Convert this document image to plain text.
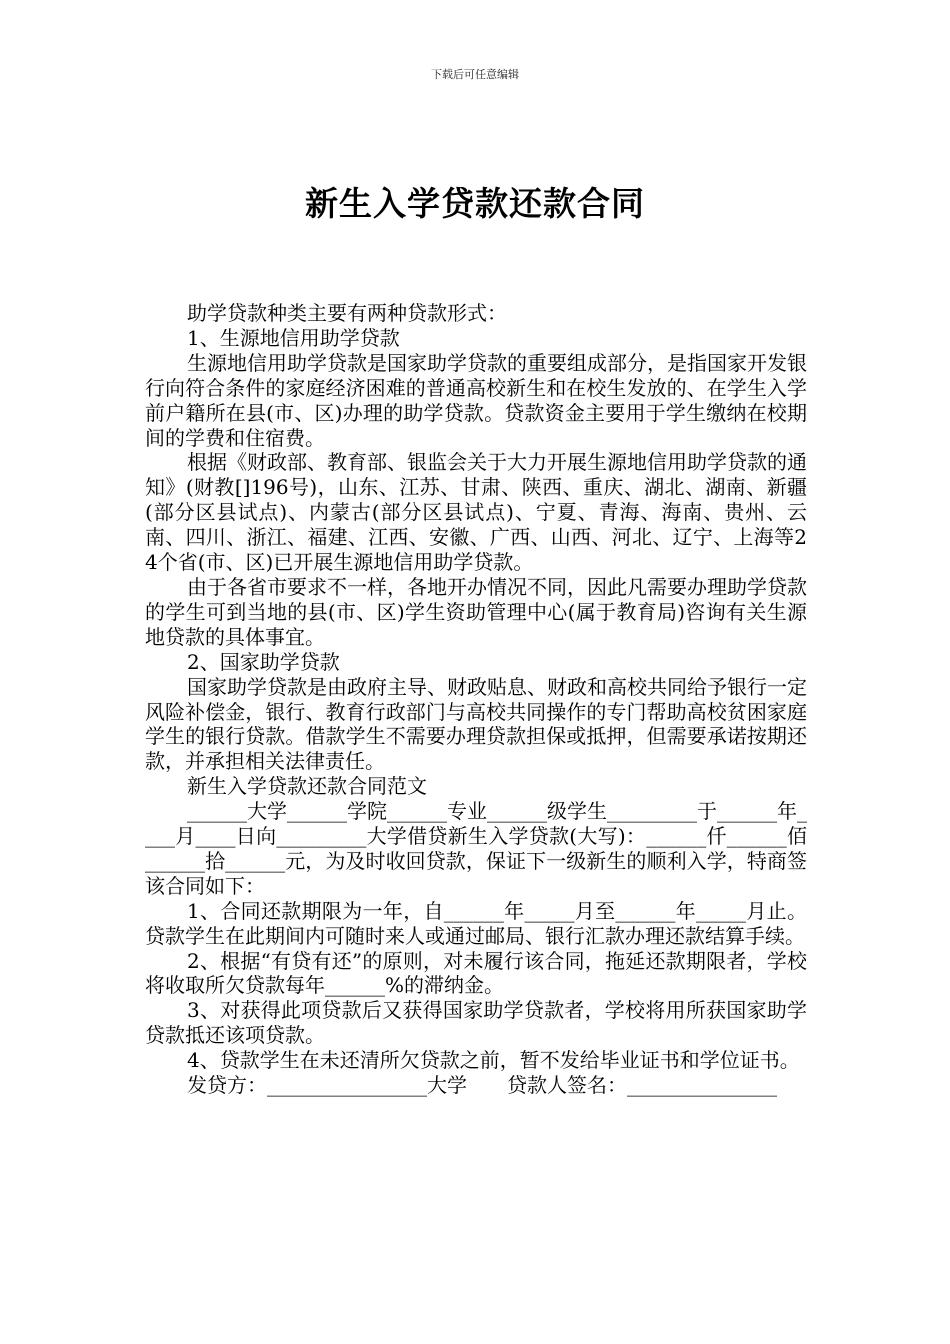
下载后可任意编辑
新生入学贷款还款合同

助学贷款种类主要有两种贷款形式：

1、生源地信用助学贷款

生源地信用助学贷款是国家助学贷款的重要组成部分，是指国家开发银行向符合条件的家庭经济困难的普通高校新生和在校生发放的、在学生入学前户籍所在县(市、区)办理的助学贷款。贷款资金主要用于学生缴纳在校期间的学费和住宿费。

根据《财政部、教育部、银监会关于大力开展生源地信用助学贷款的通知》(财教[]196号)，山东、江苏、甘肃、陕西、重庆、湖北、湖南、新疆(部分区县试点)、内蒙古(部分区县试点)、宁夏、青海、海南、贵州、云南、四川、浙江、福建、江西、安徽、广西、山西、河北、辽宁、上海等24个省(市、区)已开展生源地信用助学贷款。

由于各省市要求不一样，各地开办情况不同，因此凡需要办理助学贷款的学生可到当地的县(市、区)学生资助管理中心(属于教育局)咨询有关生源地贷款的具体事宜。

2、国家助学贷款

国家助学贷款是由政府主导、财政贴息、财政和高校共同给予银行一定风险补偿金，银行、教育行政部门与高校共同操作的专门帮助高校贫困家庭学生的银行贷款。借款学生不需要办理贷款担保或抵押，但需要承诺按期还款，并承担相关法律责任。

新生入学贷款还款合同范文

______大学______学院______专业______级学生_________于______年____月____日向_________大学借贷新生入学贷款(大写)：______仟______佰______拾______元，为及时收回贷款，保证下一级新生的顺利入学，特商签该合同如下：

1、合同还款期限为一年，自______年_____月至______年_____月止。贷款学生在此期间内可随时来人或通过邮局、银行汇款办理还款结算手续。

2、根据“有贷有还”的原则，对未履行该合同，拖延还款期限者，学校将收取所欠贷款每年______%的滞纳金。

3、对获得此项贷款后又获得国家助学贷款者，学校将用所获国家助学贷款抵还该项贷款。

4、贷款学生在未还清所欠贷款之前，暂不发给毕业证书和学位证书。

发贷方：________________大学　　贷款人签名：_______________
